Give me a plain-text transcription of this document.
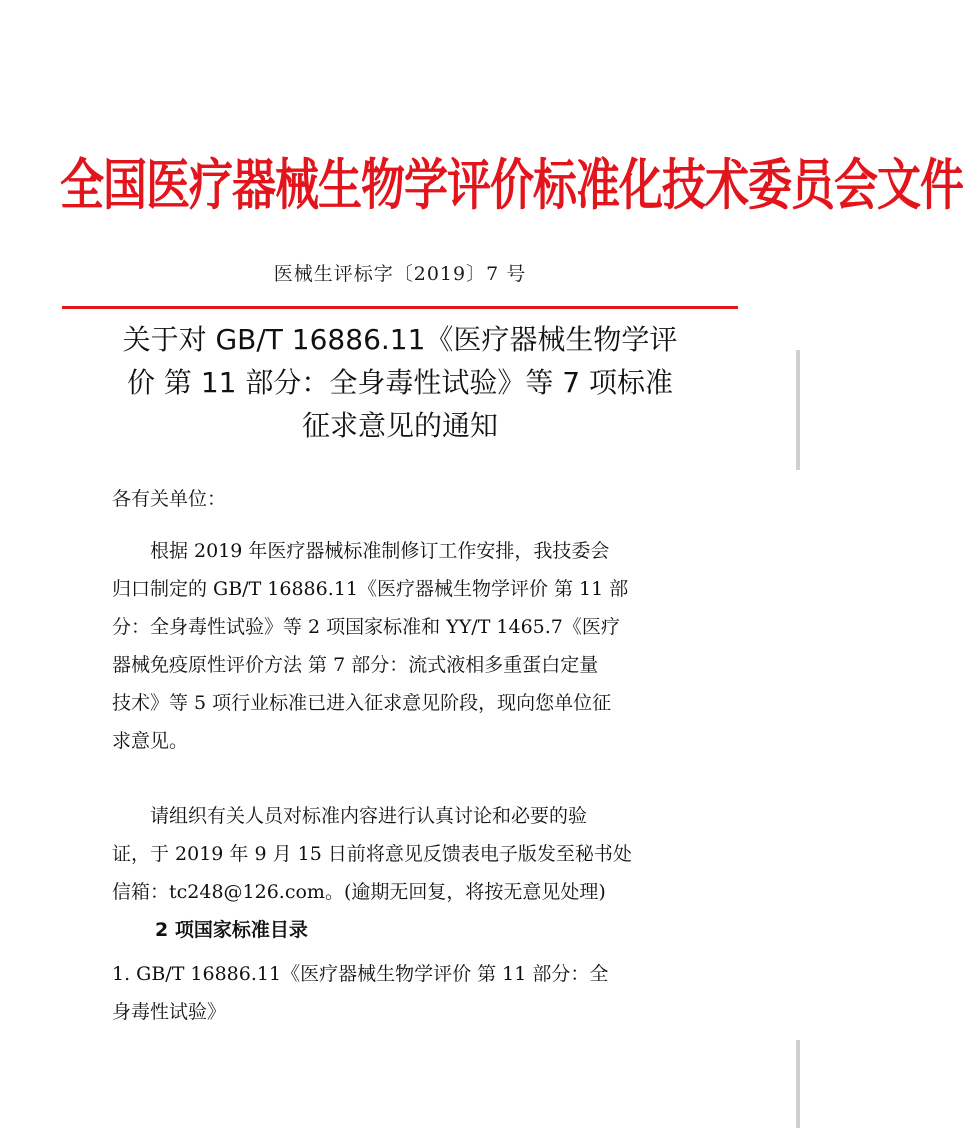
全国医疗器械生物学评价标准化技术委员会文件
医械生评标字〔2019〕7 号
关于对 GB/T 16886.11《医疗器械生物学评
价 第 11 部分：全身毒性试验》等 7 项标准
征求意见的通知
各有关单位：
　　根据 2019 年医疗器械标准制修订工作安排，我技委会
归口制定的 GB/T 16886.11《医疗器械生物学评价 第 11 部
分：全身毒性试验》等 2 项国家标准和 YY/T 1465.7《医疗
器械免疫原性评价方法 第 7 部分：流式液相多重蛋白定量
技术》等 5 项行业标准已进入征求意见阶段，现向您单位征
求意见。
　　请组织有关人员对标准内容进行认真讨论和必要的验
证，于 2019 年 9 月 15 日前将意见反馈表电子版发至秘书处
信箱：tc248@126.com。(逾期无回复，将按无意见处理)
2 项国家标准目录
1. GB/T 16886.11《医疗器械生物学评价 第 11 部分：全
身毒性试验》
